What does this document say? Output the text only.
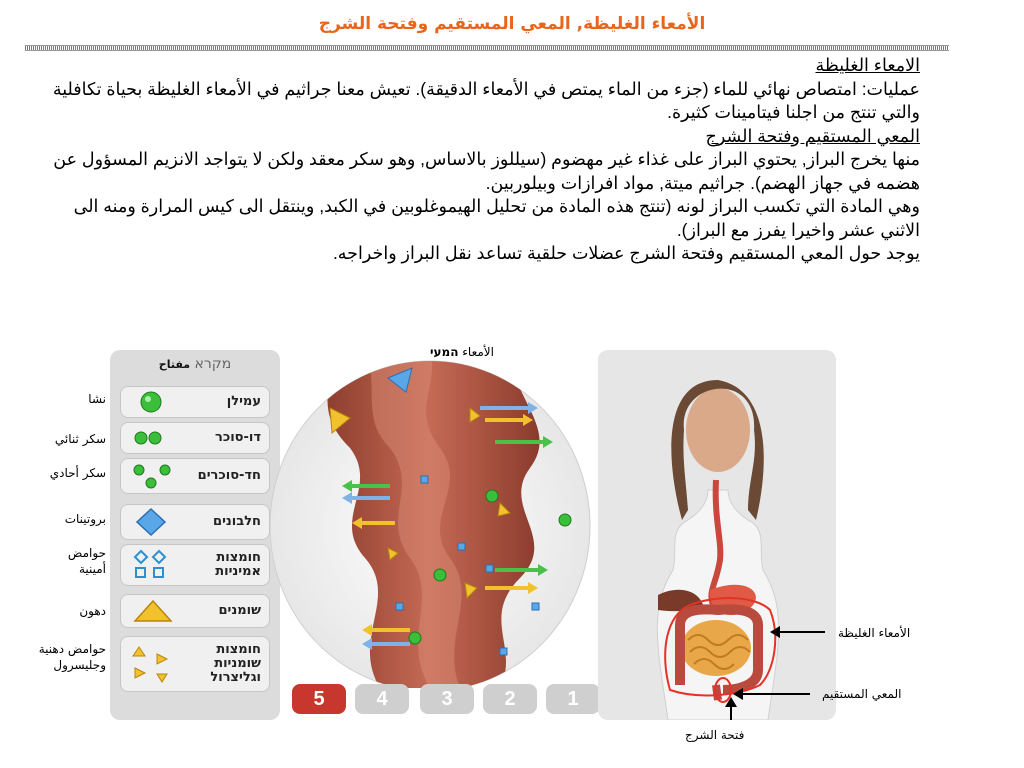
الأمعاء الغليظة, المعي المستقيم وفتحة الشرج

الامعاء الغليظة

عمليات: امتصاص نهائي للماء (جزء من الماء يمتص في الأمعاء الدقيقة). تعيش معنا جراثيم في الأمعاء الغليظة بحياة تكافلية والتي تنتج من اجلنا فيتامينات كثيرة.

المعي المستقيم وفتحة الشرج

منها يخرج البراز, يحتوي البراز على غذاء غير مهضوم (سيللوز بالاساس, وهو سكر معقد ولكن لا يتواجد الانزيم المسؤول عن هضمه في جهاز الهضم). جراثيم ميتة, مواد افرازات وبيلوربين.

وهي المادة التي تكسب البراز لونه (تنتج هذه المادة من تحليل الهيموغلوبين في الكبد, وينتقل الى كيس المرارة ومنه الى الاثني عشر واخيرا يفرز مع البراز).

يوجد حول المعي المستقيم وفتحة الشرج عضلات حلقية تساعد نقل البراز واخراجه.

מקרא مفتاح
עמילן
דו-סוכר
חד-סוכרים
חלבונים
חומצות אמיניות
שומנים
חומצות שומניות וגליצרול
نشا
سكر ثنائي
سكر أحادي
بروتينات
حوامض أمينية
دهون
حوامض دهنية وجليسرول
الأمعاء המעי
5	4	3	2	1
الأمعاء الغليظة
المعي المستقيم
فتحة الشرج
